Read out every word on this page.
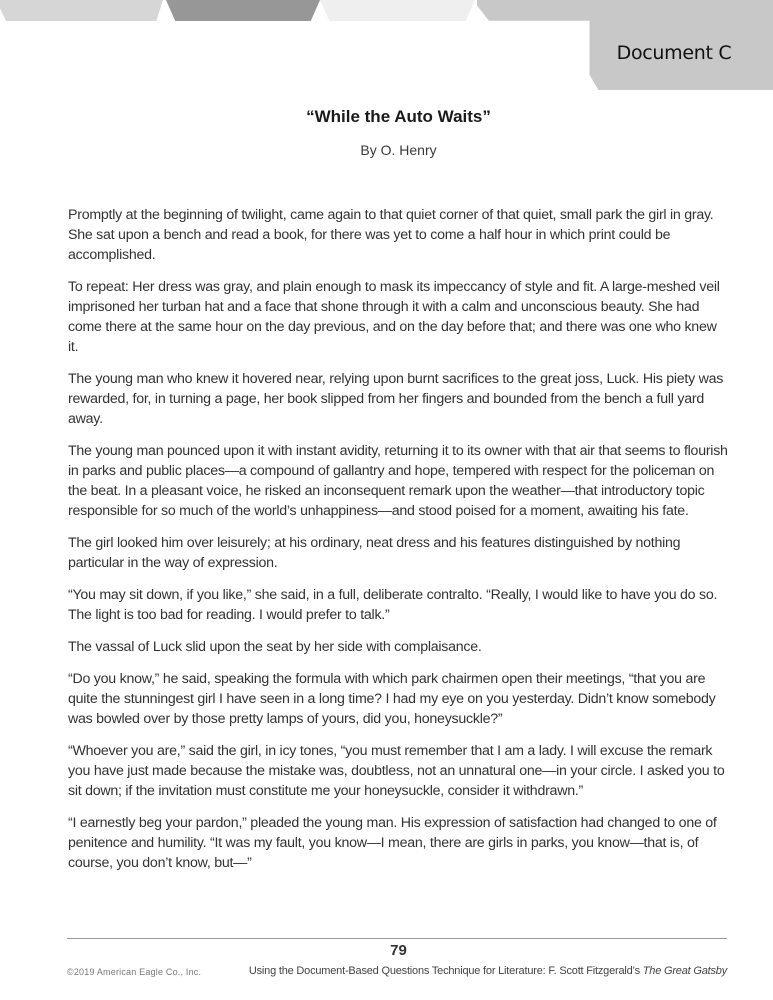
Document C
“While the Auto Waits”
By O. Henry

Promptly at the beginning of twilight, came again to that quiet corner of that quiet, small park the girl in gray. She sat upon a bench and read a book, for there was yet to come a half hour in which print could be accomplished.

To repeat: Her dress was gray, and plain enough to mask its impeccancy of style and fit. A large-meshed veil imprisoned her turban hat and a face that shone through it with a calm and unconscious beauty. She had come there at the same hour on the day previous, and on the day before that; and there was one who knew it.

The young man who knew it hovered near, relying upon burnt sacrifices to the great joss, Luck. His piety was rewarded, for, in turning a page, her book slipped from her fingers and bounded from the bench a full yard away.

The young man pounced upon it with instant avidity, returning it to its owner with that air that seems to flourish in parks and public places—a compound of gallantry and hope, tempered with respect for the policeman on the beat. In a pleasant voice, he risked an inconsequent remark upon the weather—that introductory topic responsible for so much of the world’s unhappiness—and stood poised for a moment, awaiting his fate.

The girl looked him over leisurely; at his ordinary, neat dress and his features distinguished by nothing particular in the way of expression.

“You may sit down, if you like,” she said, in a full, deliberate contralto. “Really, I would like to have you do so. The light is too bad for reading. I would prefer to talk.”

The vassal of Luck slid upon the seat by her side with complaisance.

“Do you know,” he said, speaking the formula with which park chairmen open their meetings, “that you are quite the stunningest girl I have seen in a long time? I had my eye on you yesterday. Didn’t know somebody was bowled over by those pretty lamps of yours, did you, honeysuckle?”

“Whoever you are,” said the girl, in icy tones, “you must remember that I am a lady. I will excuse the remark you have just made because the mistake was, doubtless, not an unnatural one—in your circle. I asked you to sit down; if the invitation must constitute me your honeysuckle, consider it withdrawn.”

“I earnestly beg your pardon,” pleaded the young man. His expression of satisfaction had changed to one of penitence and humility. “It was my fault, you know—I mean, there are girls in parks, you know—that is, of course, you don’t know, but—”

79
©2019 American Eagle Co., Inc.	Using the Document-Based Questions Technique for Literature: F. Scott Fitzgerald’s The Great Gatsby
